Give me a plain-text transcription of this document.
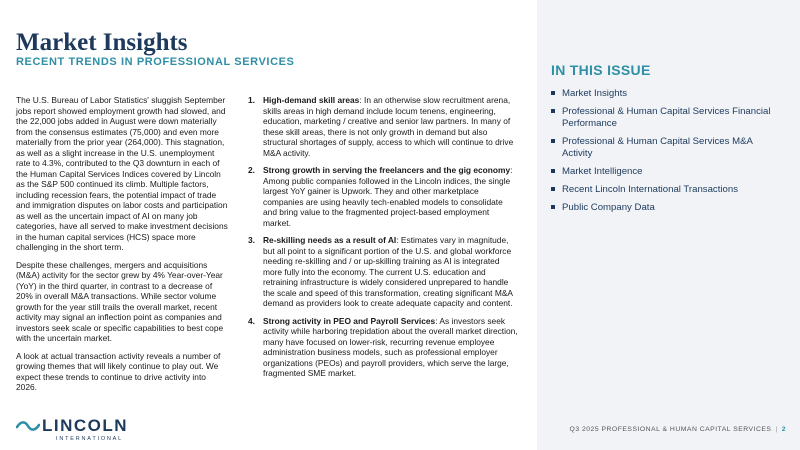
Market Insights
RECENT TRENDS IN PROFESSIONAL SERVICES

The U.S. Bureau of Labor Statistics' sluggish September jobs report showed employment growth had slowed, and the 22,000 jobs added in August were down materially from the consensus estimates (75,000) and even more materially from the prior year (264,000). This stagnation, as well as a slight increase in the U.S. unemployment rate to 4.3%, contributed to the Q3 downturn in each of the Human Capital Services Indices covered by Lincoln as the S&P 500 continued its climb. Multiple factors, including recession fears, the potential impact of trade and immigration disputes on labor costs and participation as well as the uncertain impact of AI on many job categories, have all served to make investment decisions in the human capital services (HCS) space more challenging in the short term.

Despite these challenges, mergers and acquisitions (M&A) activity for the sector grew by 4% Year-over-Year (YoY) in the third quarter, in contrast to a decrease of 20% in overall M&A transactions. While sector volume growth for the year still trails the overall market, recent activity may signal an inflection point as companies and investors seek scale or specific capabilities to best cope with the uncertain market.

A look at actual transaction activity reveals a number of growing themes that will likely continue to play out. We expect these trends to continue to drive activity into 2026.

1. High-demand skill areas: In an otherwise slow recruitment arena, skills areas in high demand include locum tenens, engineering, education, marketing / creative and senior law partners. In many of these skill areas, there is not only growth in demand but also structural shortages of supply, access to which will continue to drive M&A activity.
2. Strong growth in serving the freelancers and the gig economy: Among public companies followed in the Lincoln indices, the single largest YoY gainer is Upwork. They and other marketplace companies are using heavily tech-enabled models to consolidate and bring value to the fragmented project-based employment market.
3. Re-skilling needs as a result of AI: Estimates vary in magnitude, but all point to a significant portion of the U.S. and global workforce needing re-skilling and / or up-skilling training as AI is integrated more fully into the economy. The current U.S. education and retraining infrastructure is widely considered unprepared to handle the scale and speed of this transformation, creating significant M&A demand as providers look to create adequate capacity and content.
4. Strong activity in PEO and Payroll Services: As investors seek activity while harboring trepidation about the overall market direction, many have focused on lower-risk, recurring revenue employee administration business models, such as professional employer organizations (PEOs) and payroll providers, which serve the large, fragmented SME market.
IN THIS ISSUE
Market Insights
Professional & Human Capital Services Financial Performance
Professional & Human Capital Services M&A Activity
Market Intelligence
Recent Lincoln International Transactions
Public Company Data
LINCOLN
INTERNATIONAL
Q3 2025 PROFESSIONAL & HUMAN CAPITAL SERVICES | 2
